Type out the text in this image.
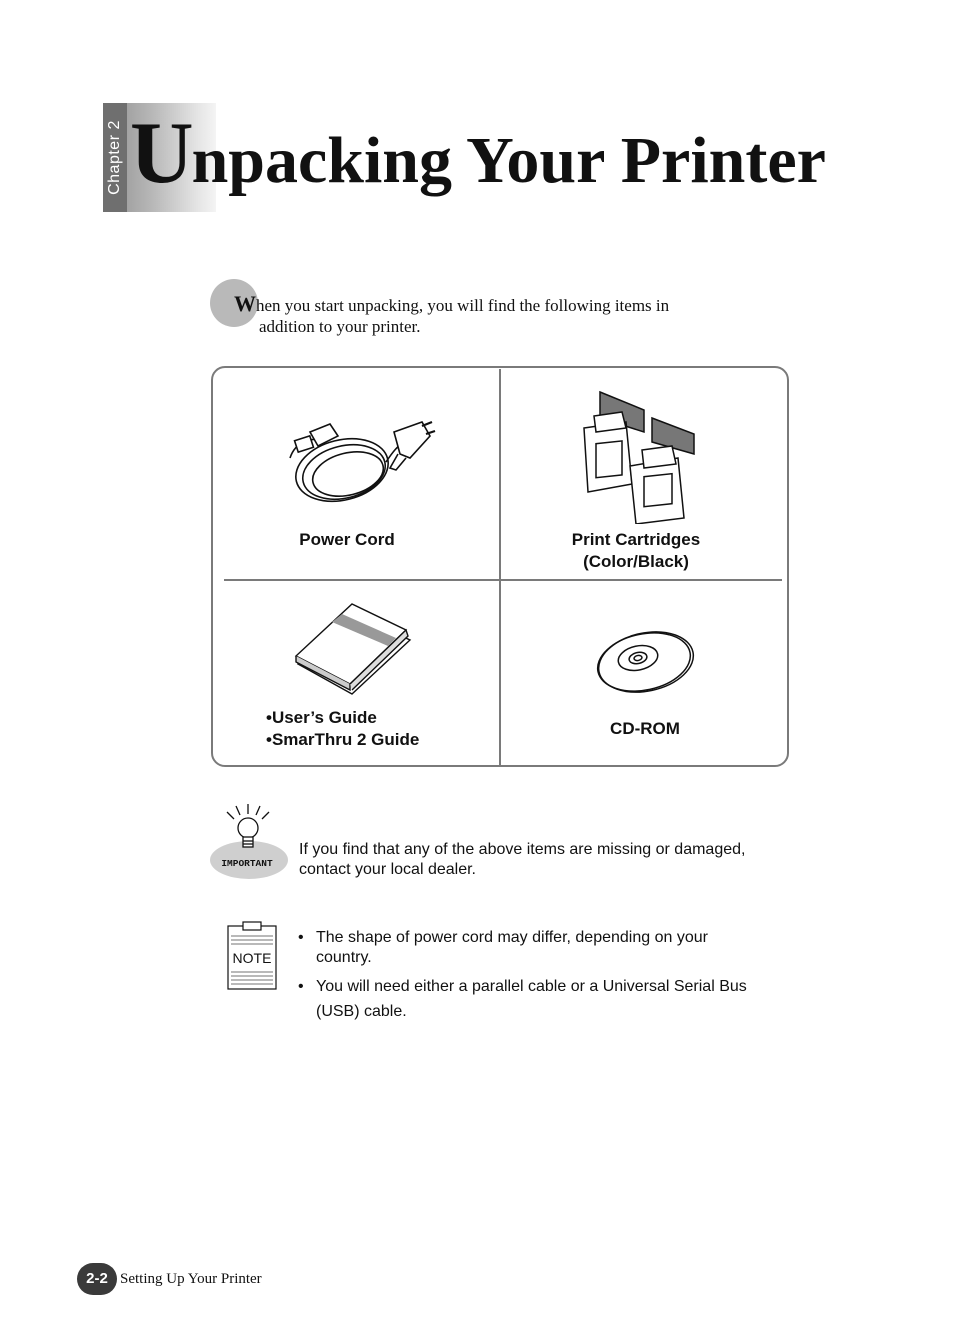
Chapter 2 Unpacking Your Printer
When you start unpacking, you will find the following items in
addition to your printer.
Power Cord	Print Cartridges
(Color/Black)
•User’s Guide
•SmarThru 2 Guide
CD-ROM
IMPORTANT
If you find that any of the above items are missing or damaged, contact your local dealer.
NOTE
• The shape of power cord may differ, depending on your country.
• You will need either a parallel cable or a Universal Serial Bus (USB) cable.
2-2 Setting Up Your Printer
